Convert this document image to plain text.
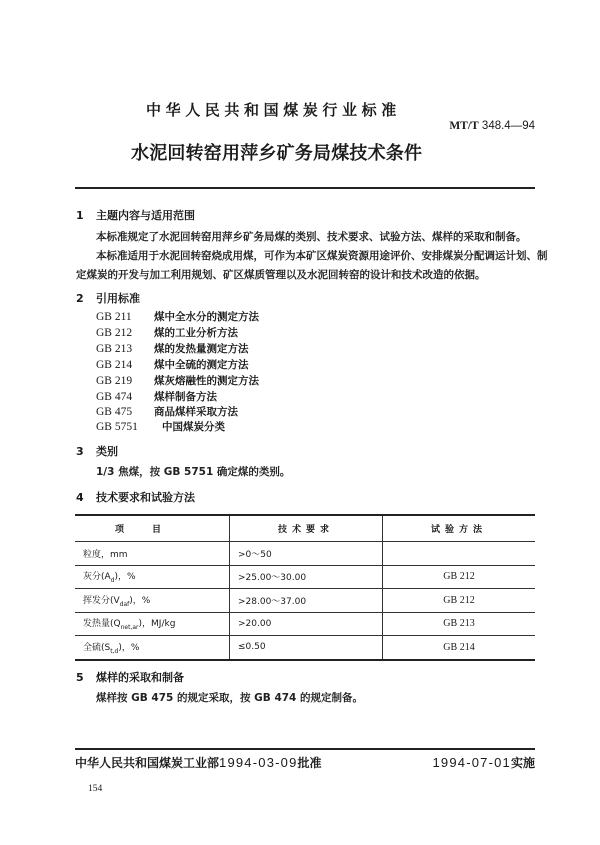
中华人民共和国煤炭行业标准
MT/T 348.4—94
水泥回转窑用萍乡矿务局煤技术条件
1 主题内容与适用范围
本标准规定了水泥回转窑用萍乡矿务局煤的类别、技术要求、试验方法、煤样的采取和制备。
本标准适用于水泥回转窑烧成用煤，可作为本矿区煤炭资源用途评价、安排煤炭分配调运计划、制
定煤炭的开发与加工利用规划、矿区煤质管理以及水泥回转窑的设计和技术改造的依据。
2 引用标准
GB 211 煤中全水分的测定方法
GB 212 煤的工业分析方法
GB 213 煤的发热量测定方法
GB 214 煤中全硫的测定方法
GB 219 煤灰熔融性的测定方法
GB 474 煤样制备方法
GB 475 商品煤样采取方法
GB 5751 中国煤炭分类
3 类别
1/3 焦煤，按 GB 5751 确定煤的类别。
4 技术要求和试验方法
项目	技术要求	试验方法
粒度，mm	>0～50	
灰分$(A_d)$，%	>25.00～30.00	GB 212
挥发分$(V_{daf})$，%	>28.00～37.00	GB 212
发热量$(Q_{net,ar})$，MJ/kg	>20.00	GB 213
全硫$(S_{t,d})$，%	≤0.50	GB 214
5 煤样的采取和制备
煤样按 GB 475 的规定采取，按 GB 474 的规定制备。
中华人民共和国煤炭工业部1994-03-09批准	1994-07-01实施
154
